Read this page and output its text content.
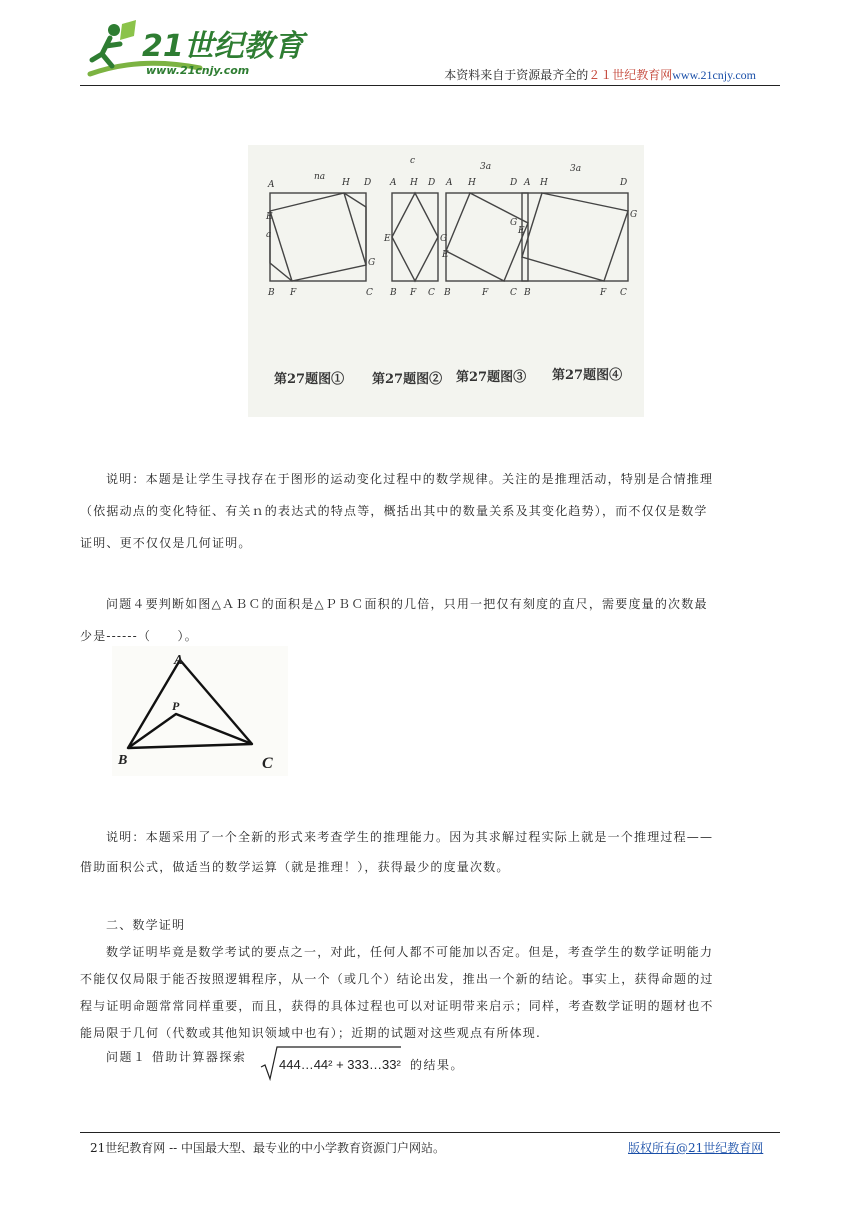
21世纪教育
www.21cnjy.com	本资料来自于资源最齐全的２１世纪教育网www.21cnjy.com
A
na
H D
E
a
G
B F	C
A
c
H D
E	G
B F C
A
3a
H	D
E
G
B	F C
A H
3a
D
E
G
B	F C
第27题图① 第27题图② 第27题图③ 第27题图④

说明：本题是让学生寻找存在于图形的运动变化过程中的数学规律。关注的是推理活动，特别是合情推理

（依据动点的变化特征、有关ｎ的表达式的特点等，概括出其中的数量关系及其变化趋势），而不仅仅是数学

证明、更不仅仅是几何证明。

问题４要判断如图△ＡＢＣ的面积是△ＰＢＣ面积的几倍，只用一把仅有刻度的直尺，需要度量的次数最

少是------（　　）。

A
B	C
P

说明：本题采用了一个全新的形式来考查学生的推理能力。因为其求解过程实际上就是一个推理过程——

借助面积公式，做适当的数学运算（就是推理！），获得最少的度量次数。

二、数学证明

数学证明毕竟是数学考试的要点之一，对此，任何人都不可能加以否定。但是，考查学生的数学证明能力

不能仅仅局限于能否按照逻辑程序，从一个（或几个）结论出发，推出一个新的结论。事实上，获得命题的过

程与证明命题常常同样重要，而且，获得的具体过程也可以对证明带来启示；同样，考查数学证明的题材也不

能局限于几何（代数或其他知识领域中也有）；近期的试题对这些观点有所体现.

问题１ 借助计算器探索	444…44² + 333…33² 的结果。
21世纪教育网 -- 中国最大型、最专业的中小学教育资源门户网站。	版权所有@21世纪教育网
